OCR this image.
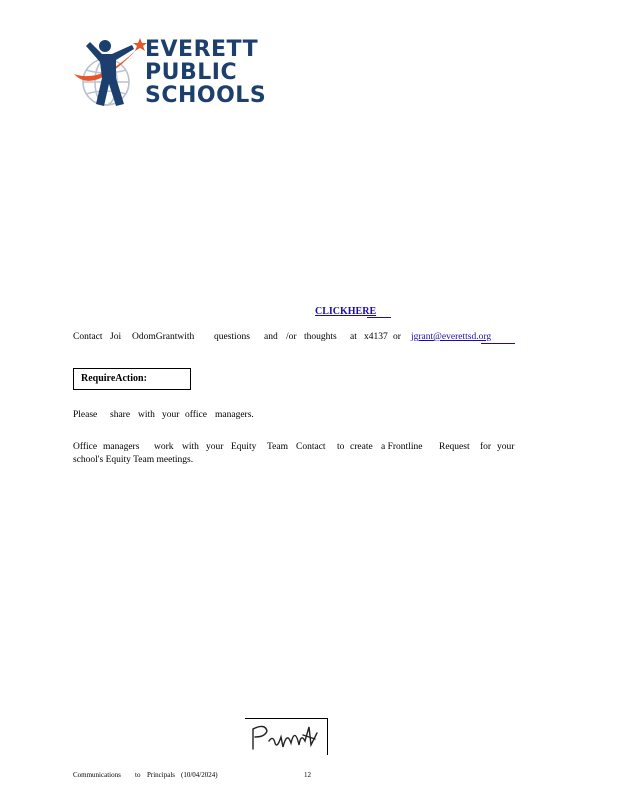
EVERETT
PUBLIC
SCHOOLS
CLICKHERE
Contact Joi OdomGrantwith questions and /or thoughts at x4137 or jgrant@everettsd.org
RequireAction:
Please share with your office managers.
Office managers work with your Equity Team Contact to create a Frontline Request for your
school's Equity Team meetings.
Communications to Principals (10/04/2024)	12
